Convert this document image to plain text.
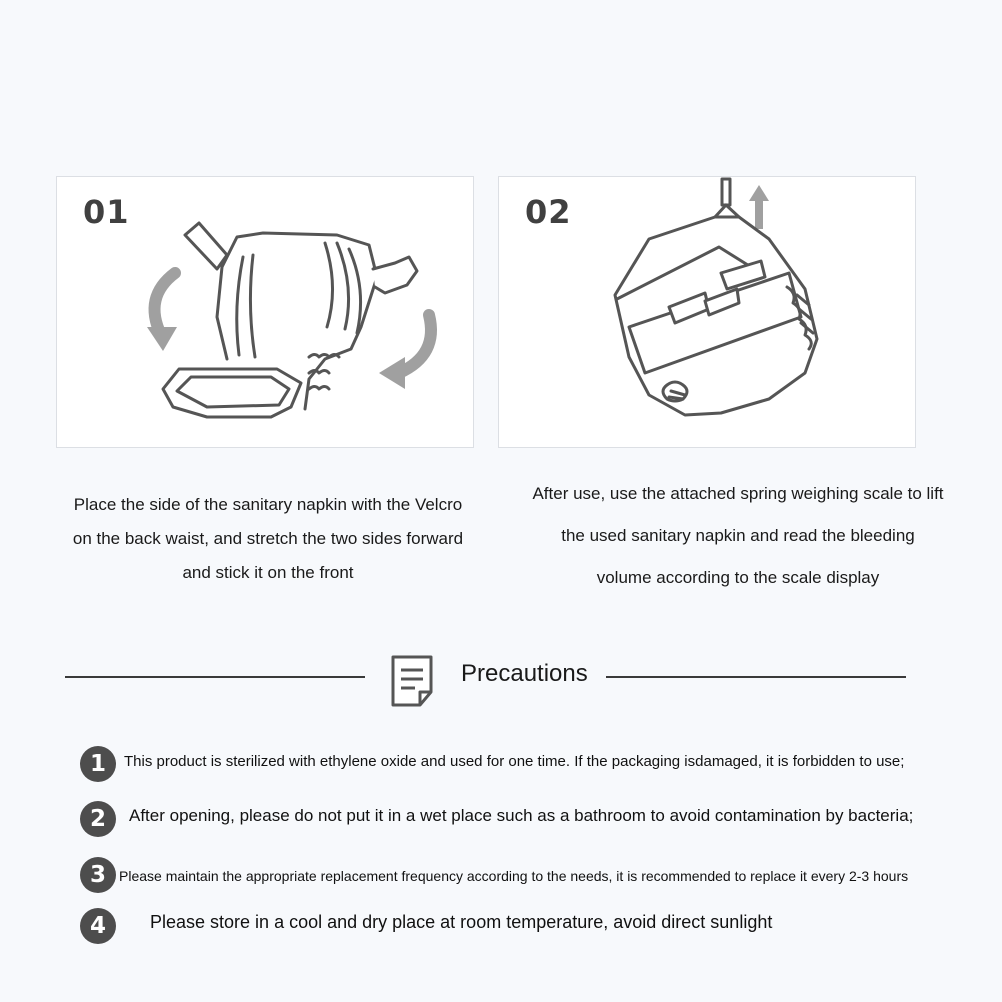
01	02
Place the side of the sanitary napkin with the Velcro
on the back waist, and stretch the two sides forward
and stick it on the front
After use, use the attached spring weighing scale to lift
the used sanitary napkin and read the bleeding
volume according to the scale display
Precautions
1	This product is sterilized with ethylene oxide and used for one time. If the packaging isdamaged, it is forbidden to use;
2	After opening, please do not put it in a wet place such as a bathroom to avoid contamination by bacteria;
3 Please maintain the appropriate replacement frequency according to the needs, it is recommended to replace it every 2-3 hours
4	Please store in a cool and dry place at room temperature, avoid direct sunlight
